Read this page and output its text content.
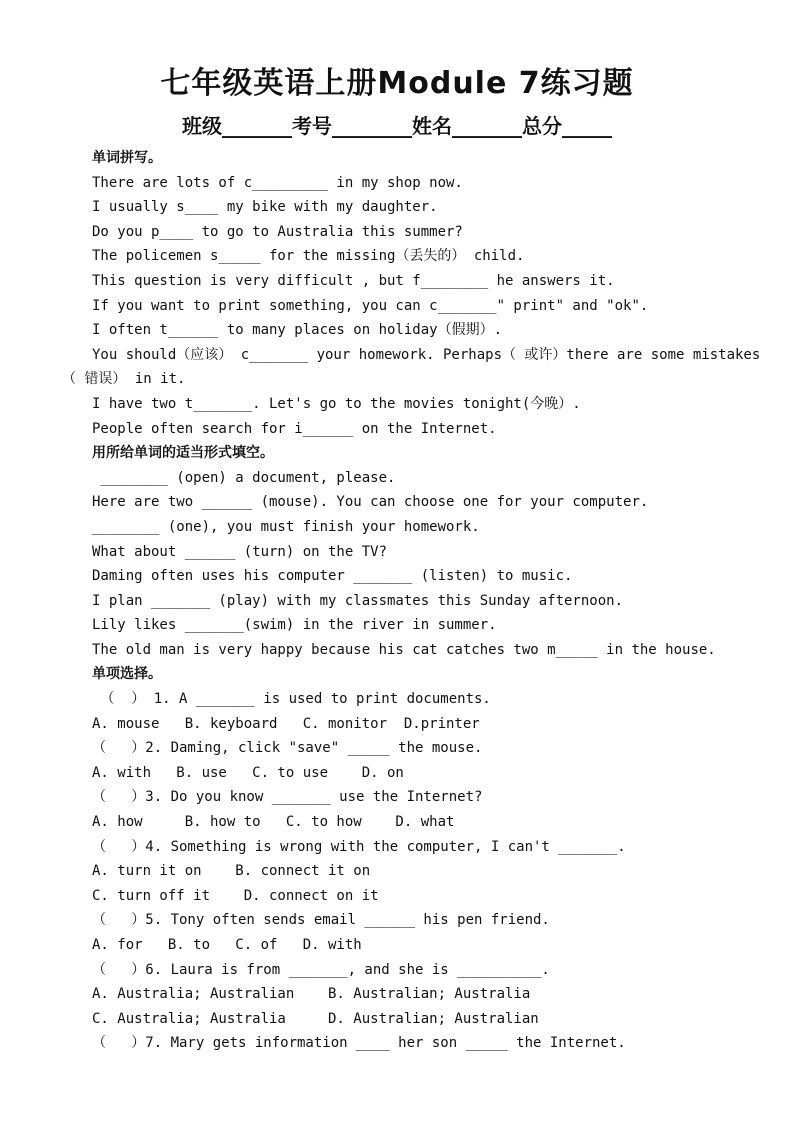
七年级英语上册Module 7练习题
班级_______考号________姓名_______总分_____
单词拼写。
There are lots of c_________ in my shop now.
I usually s____ my bike with my daughter.
Do you p____ to go to Australia this summer?
The policemen s_____ for the missing（丢失的） child.
This question is very difficult , but f________ he answers it.
If you want to print something, you can c_______" print" and "ok".
I often t______ to many places on holiday（假期）.
You should（应该） c_______ your homework. Perhaps（ 或许）there are some mistakes
（ 错误） in it.
I have two t_______. Let's go to the movies tonight(今晚）.
People often search for i______ on the Internet.
用所给单词的适当形式填空。
________ (open) a document, please.
Here are two ______ (mouse). You can choose one for your computer.
________ (one), you must finish your homework.
What about ______ (turn) on the TV?
Daming often uses his computer _______ (listen) to music.
I plan _______ (play) with my classmates this Sunday afternoon.
Lily likes _______(swim) in the river in summer.
The old man is very happy because his cat catches two m_____ in the house.
单项选择。
（  ） 1. A _______ is used to print documents.
A. mouse   B. keyboard   C. monitor  D.printer
（   ）2. Daming, click "save" _____ the mouse.
A. with   B. use   C. to use    D. on
（   ）3. Do you know _______ use the Internet?
A. how     B. how to   C. to how    D. what
（   ）4. Something is wrong with the computer, I can't _______.
A. turn it on    B. connect it on
C. turn off it    D. connect on it
（   ）5. Tony often sends email ______ his pen friend.
A. for   B. to   C. of   D. with
（   ）6. Laura is from _______, and she is __________.
A. Australia; Australian    B. Australian; Australia
C. Australia; Australia     D. Australian; Australian
（   ）7. Mary gets information ____ her son _____ the Internet.
